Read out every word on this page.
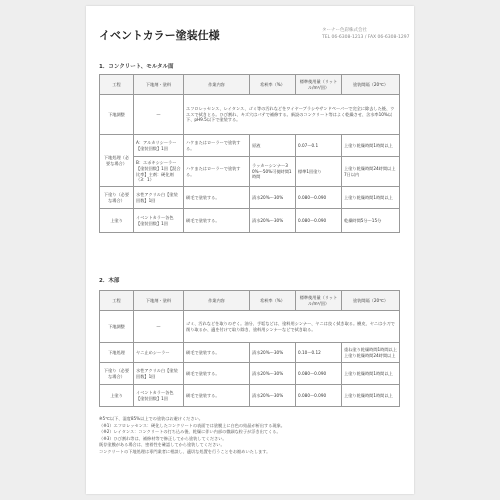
イベントカラー塗装仕様	ターナー色彩株式会社
TEL 06-6308-1213 / FAX 06-6308-1297
1．コンクリート、モルタル面
工程	下地剤・塗料	作業内容	希釈率（%）	標準使用量（リットル/m²/回）	塗装間隔（20℃）
下地調整	—	エフロレッセンス、レイタンス、ゴミ等の汚れなどをワイヤーブラシやサンドペーパーで完全に除去した後、ウエスで拭きとる。ひび割れ、キズ穴はパテで補修する。新設のコンクリート等はよく乾燥させ、含水率10%以下、pH9.5以下で塗装する。			
下地処理（必要な場合）	A：アルカリシーラー【塗装回数】1回	ハケまたはローラーで塗装する。	原液	0.07～0.1	上塗り乾燥時間1時間以上
	B：エポキシシーラー【塗装回数】1回【混合比率】主剤：硬化剤（3：1）	ハケまたはローラーで塗装する。	ラッカーシンナー30%～50%可使時間1時間	標準1回塗り	上塗り乾燥時間24時間以上7日以内
下塗り（必要な場合）	水性アクリル白【塗装回数】1回	刷毛で塗装する。	清水20%～30%	0.080～0.090	上塗り乾燥時間1時間以上
上塗り	イベントカラー各色【塗装回数】1回	刷毛で塗装する。	清水20%～30%	0.080～0.090	乾燥時間5分～15分
2．木部
工程	下地剤・塗料	作業内容	希釈率（%）	標準使用量（リットル/m²/回）	塗装間隔（20℃）
下地調整	—	ゴミ、汚れなどを取りのぞく。油分、手垢などは、塗料用シンナー、ヤニは良く拭き取る。樹皮、ヤニは小刀で削り取るか、適を付けて取り除き、塗料用シンナーなどで拭き取る。			
下地処理	ヤニ止めシーラー	刷毛で塗装する。	清水20%～30%	0.10～0.12	重ね塗り乾燥時間1時間以上上塗り乾燥時間24時間以上
下塗り（必要な場合）	水性アクリル白【塗装回数】1回	刷毛で塗装する。	清水20%～30%	0.080～0.090	上塗り乾燥時間1時間以上
上塗り	イベントカラー各色【塗装回数】1回	刷毛で塗装する。	清水20%～30%	0.080～0.090	上塗り乾燥時間1時間以上
※5℃以下、湿度85%以上での塗装はお避けください。
（※1）エフロレッセンス：硬化したコンクリートの表面では塗膜上に白色の結晶が析出する現象。
（※2）レイタンス：コンクリートの打ち込み後、乾燥に伴い内部の微細な粒子が浮き出てくる。
（※3）ひび割れ等は、補修材等で修正してから塗装してください。
既存塗膜がある場合は、密着性を確認してから塗装してください。
コンクリートの下地処理は専門業者に相談し、適切な処置を行うことをお勧めいたします。
